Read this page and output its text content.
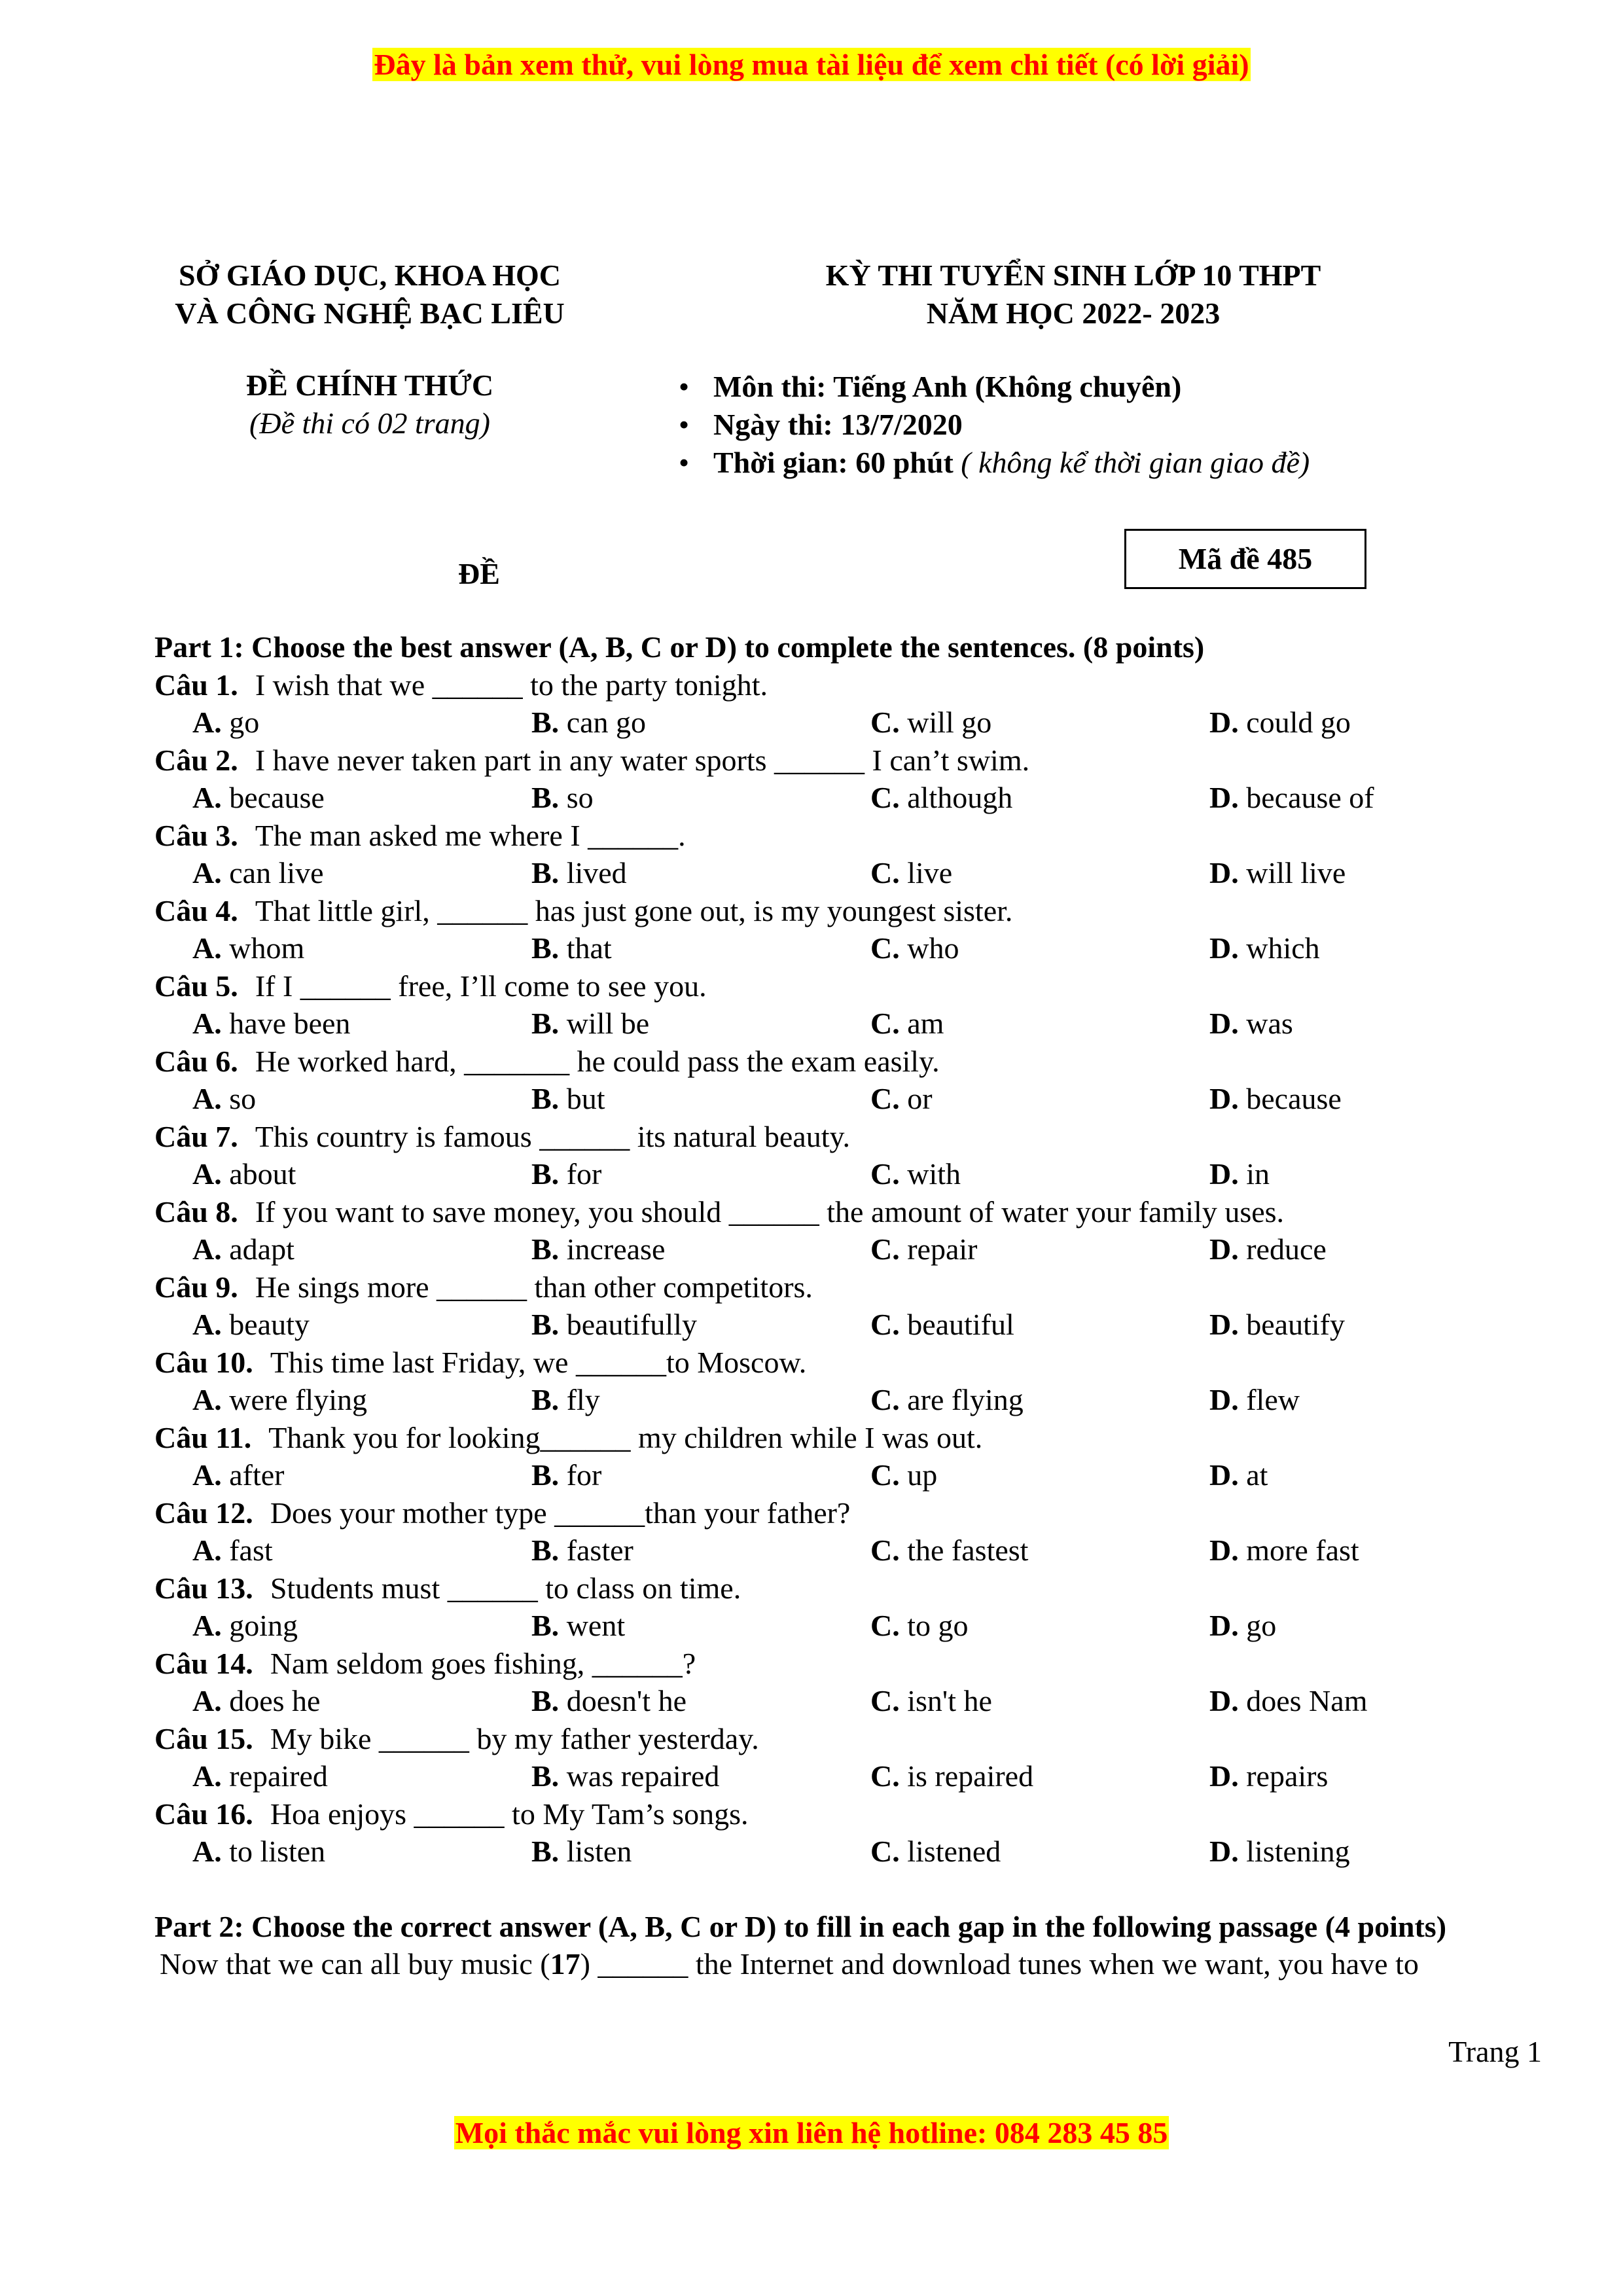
Đây là bản xem thử, vui lòng mua tài liệu để xem chi tiết (có lời giải)
SỞ GIÁO DỤC, KHOA HỌC
VÀ CÔNG NGHỆ BẠC LIÊU
KỲ THI TUYỂN SINH LỚP 10 THPT
NĂM HỌC 2022- 2023
ĐỀ CHÍNH THỨC
(Đề thi có 02 trang)
• Môn thi: Tiếng Anh (Không chuyên)
• Ngày thi: 13/7/2020
• Thời gian: 60 phút ( không kể thời gian giao đề)
ĐỀ	Mã đề 485
Part 1: Choose the best answer (A, B, C or D) to complete the sentences. (8 points)
Câu 1. I wish that we ______ to the party tonight.
A. go	B. can go	C. will go	D. could go
Câu 2. I have never taken part in any water sports ______ I can’t swim.
A. because	B. so	C. although	D. because of
Câu 3. The man asked me where I ______.
A. can live	B. lived	C. live	D. will live
Câu 4. That little girl, ______ has just gone out, is my youngest sister.
A. whom	B. that	C. who	D. which
Câu 5. If I ______ free, I’ll come to see you.
A. have been	B. will be	C. am	D. was
Câu 6. He worked hard, _______ he could pass the exam easily.
A. so	B. but	C. or	D. because
Câu 7. This country is famous ______ its natural beauty.
A. about	B. for	C. with	D. in
Câu 8. If you want to save money, you should ______ the amount of water your family uses.
A. adapt	B. increase	C. repair	D. reduce
Câu 9. He sings more ______ than other competitors.
A. beauty	B. beautifully	C. beautiful	D. beautify
Câu 10. This time last Friday, we ______to Moscow.
A. were flying	B. fly	C. are flying	D. flew
Câu 11. Thank you for looking______ my children while I was out.
A. after	B. for	C. up	D. at
Câu 12. Does your mother type ______than your father?
A. fast	B. faster	C. the fastest	D. more fast
Câu 13. Students must ______ to class on time.
A. going	B. went	C. to go	D. go
Câu 14. Nam seldom goes fishing, ______?
A. does he	B. doesn't he	C. isn't he	D. does Nam
Câu 15. My bike ______ by my father yesterday.
A. repaired	B. was repaired	C. is repaired	D. repairs
Câu 16. Hoa enjoys ______ to My Tam’s songs.
A. to listen	B. listen	C. listened	D. listening
Part 2: Choose the correct answer (A, B, C or D) to fill in each gap in the following passage (4 points)
Now that we can all buy music (17) ______ the Internet and download tunes when we want, you have to
Trang 1
Mọi thắc mắc vui lòng xin liên hệ hotline: 084 283 45 85
